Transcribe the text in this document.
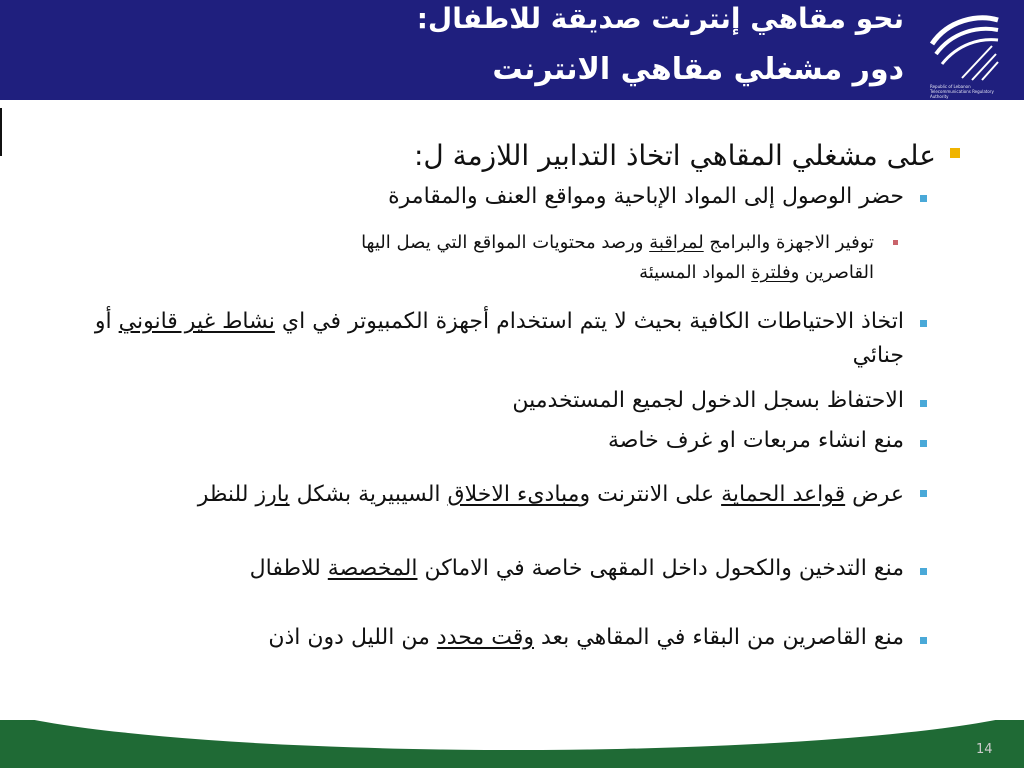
نحو مقاهي إنترنت صديقة للاطفال:
دور مشغلي مقاهي الانترنت	Republic of Lebanon Telecommunications Regulatory Authority
على مشغلي المقاهي اتخاذ التدابير اللازمة ل:
حضر الوصول إلى المواد الإباحية ومواقع العنف والمقامرة
توفير الاجهزة والبرامج لمراقبة ورصد محتويات المواقع التي يصل اليها
القاصرين وفلترة المواد المسيئة
اتخاذ الاحتياطات الكافية بحيث لا يتم استخدام أجهزة الكمبيوتر في اي نشاط غير قانوني أو جنائي
الاحتفاظ بسجل الدخول لجميع المستخدمين
منع انشاء مربعات او غرف خاصة
عرض قواعد الحماية على الانترنت ومبادىء الاخلاق السيبيرية بشكل بارز للنظر
منع التدخين والكحول داخل المقهى خاصة في الاماكن المخصصة للاطفال
منع القاصرين من البقاء في المقاهي بعد وقت محدد من الليل دون اذن
14
